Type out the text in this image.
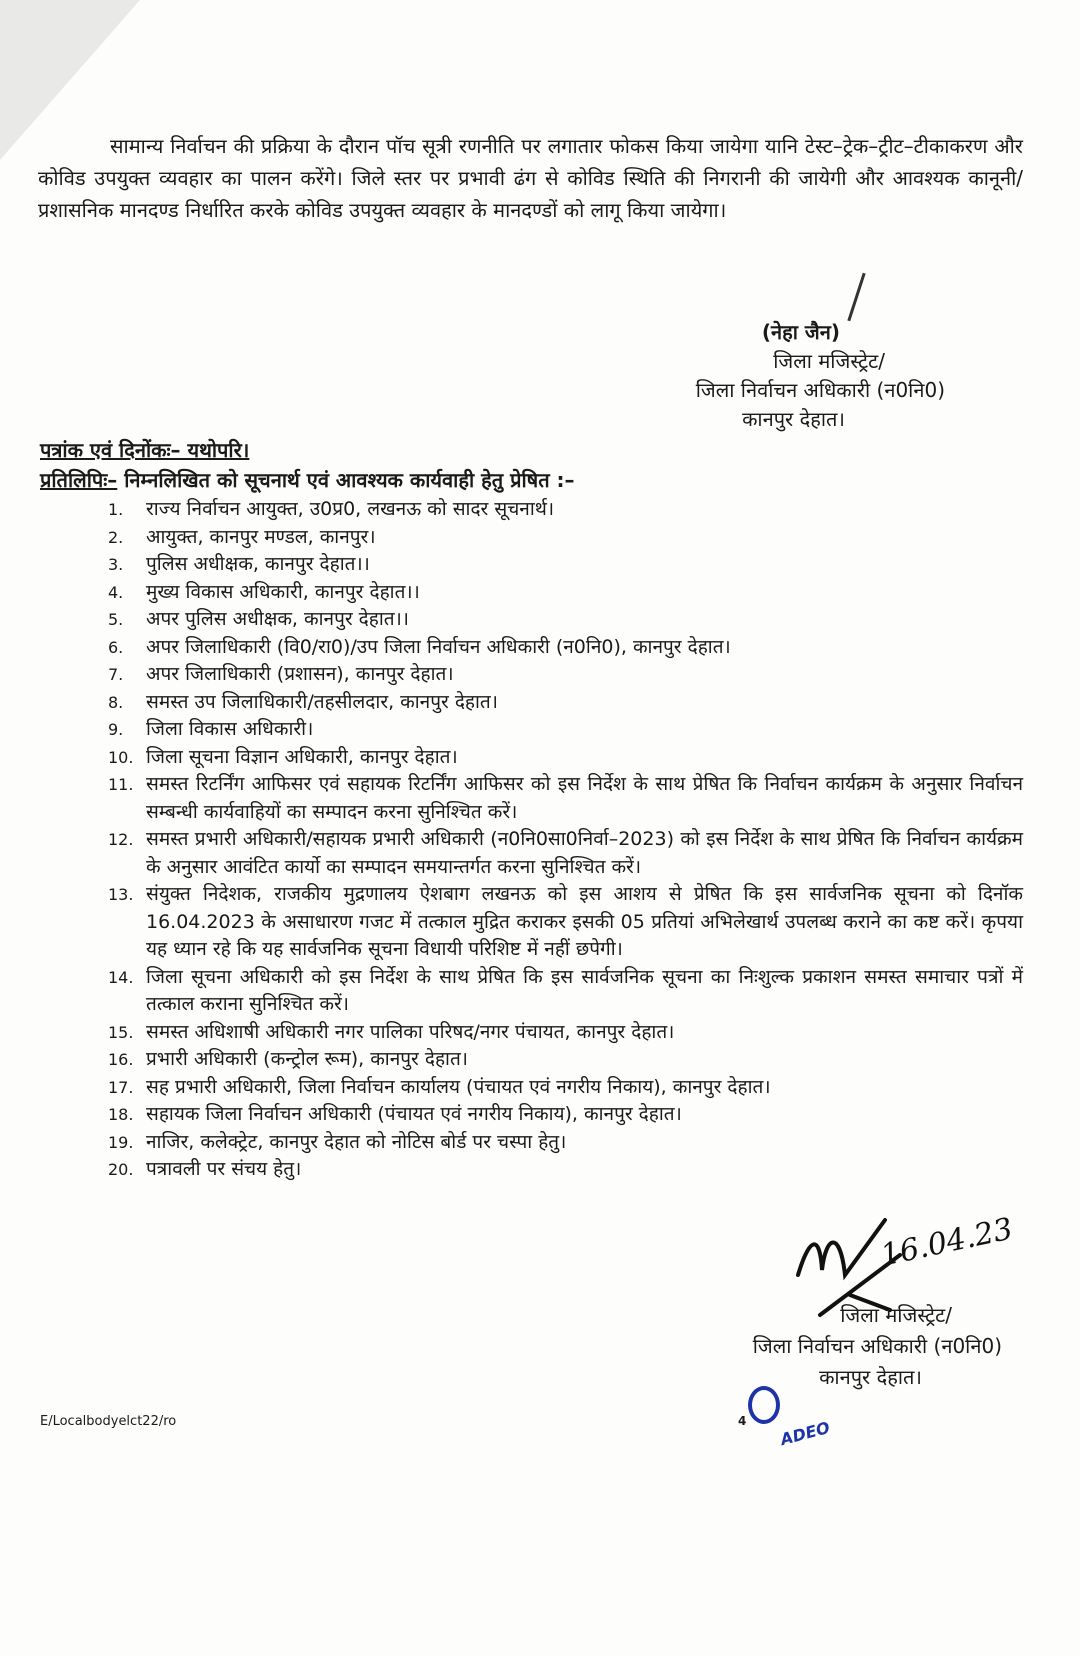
सामान्य निर्वाचन की प्रक्रिया के दौरान पॉच सूत्री रणनीति पर लगातार फोकस किया जायेगा यानि टेस्ट–ट्रेक–ट्रीट–टीकाकरण और कोविड उपयुक्त व्यवहार का पालन करेंगे। जिले स्तर पर प्रभावी ढंग से कोविड स्थिति की निगरानी की जायेगी और आवश्यक कानूनी/प्रशासनिक मानदण्ड निर्धारित करके कोविड उपयुक्त व्यवहार के मानदण्डों को लागू किया जायेगा।

(नेहा जैन)
जिला मजिस्ट्रेट/
जिला निर्वाचन अधिकारी (न0नि0)
कानपुर देहात।
पत्रांक एवं दिनोंकः– यथोपरि।
प्रतिलिपिः– निम्नलिखित को सूचनार्थ एवं आवश्यक कार्यवाही हेतु प्रेषित :–
1.	राज्य निर्वाचन आयुक्त, उ0प्र0, लखनऊ को सादर सूचनार्थ।
2.	आयुक्त, कानपुर मण्डल, कानपुर।
3.	पुलिस अधीक्षक, कानपुर देहात।।
4.	मुख्य विकास अधिकारी, कानपुर देहात।।
5.	अपर पुलिस अधीक्षक, कानपुर देहात।।
6.	अपर जिलाधिकारी (वि0/रा0)/उप जिला निर्वाचन अधिकारी (न0नि0), कानपुर देहात।
7.	अपर जिलाधिकारी (प्रशासन), कानपुर देहात।
8.	समस्त उप जिलाधिकारी/तहसीलदार, कानपुर देहात।
9.	जिला विकास अधिकारी।
10. जिला सूचना विज्ञान अधिकारी, कानपुर देहात।
11. समस्त रिटर्निंग आफिसर एवं सहायक रिटर्निंग आफिसर को इस निर्देश के साथ प्रेषित कि निर्वाचन कार्यक्रम के अनुसार निर्वाचन सम्बन्धी कार्यवाहियों का सम्पादन करना सुनिश्चित करें।
12. समस्त प्रभारी अधिकारी/सहायक प्रभारी अधिकारी (न0नि0सा0निर्वा–2023) को इस निर्देश के साथ प्रेषित कि निर्वाचन कार्यक्रम के अनुसार आवंटित कार्यो का सम्पादन समयान्तर्गत करना सुनिश्चित करें।
13. संयुक्त निदेशक, राजकीय मुद्रणालय ऐशबाग लखनऊ को इस आशय से प्रेषित कि इस सार्वजनिक सूचना को दिनॉक 16.04.2023 के असाधारण गजट में तत्काल मुद्रित कराकर इसकी 05 प्रतियां अभिलेखार्थ उपलब्ध कराने का कष्ट करें। कृपया यह ध्यान रहे कि यह सार्वजनिक सूचना विधायी परिशिष्ट में नहीं छपेगी।
14. जिला सूचना अधिकारी को इस निर्देश के साथ प्रेषित कि इस सार्वजनिक सूचना का निःशुल्क प्रकाशन समस्त समाचार पत्रों में तत्काल कराना सुनिश्चित करें।
15. समस्त अधिशाषी अधिकारी नगर पालिका परिषद/नगर पंचायत, कानपुर देहात।
16. प्रभारी अधिकारी (कन्ट्रोल रूम), कानपुर देहात।
17. सह प्रभारी अधिकारी, जिला निर्वाचन कार्यालय (पंचायत एवं नगरीय निकाय), कानपुर देहात।
18. सहायक जिला निर्वाचन अधिकारी (पंचायत एवं नगरीय निकाय), कानपुर देहात।
19. नाजिर, कलेक्ट्रेट, कानपुर देहात को नोटिस बोर्ड पर चस्पा हेतु।
20. पत्रावली पर संचय हेतु।
16.04.23
जिला मजिस्ट्रेट/
जिला निर्वाचन अधिकारी (न0नि0)
कानपुर देहात।
ADEO
E/Localbodyelct22/ro	4
